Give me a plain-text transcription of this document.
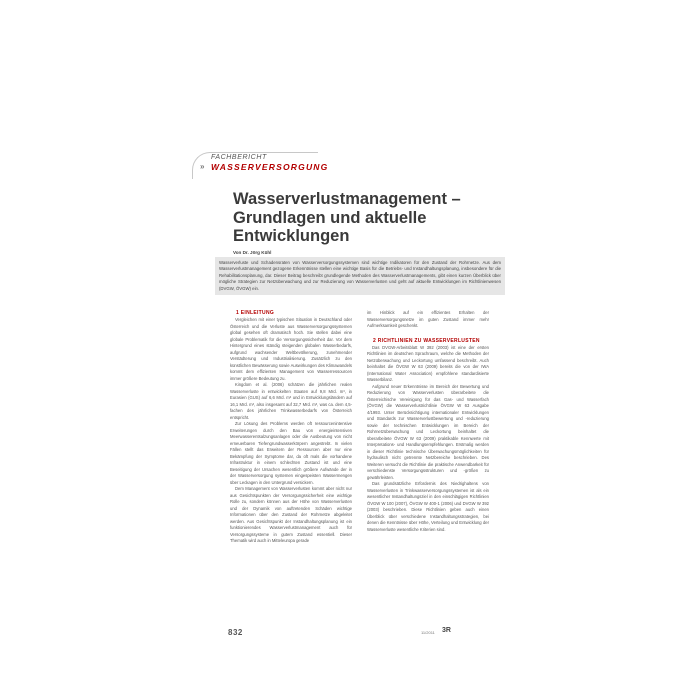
FACHBERICHT
» WASSERVERSORGUNG
Wasserverlustmanagement – Grundlagen und aktuelle Entwicklungen
Von Dr. Jörg Kühl
Wasserverluste und Schadensraten von Wasserversorgungssystemen sind wichtige Indikatoren für den Zustand der Rohrnetze. Aus dem Wasserverlustmanagement gezogene Erkenntnisse stellen eine wichtige Basis für die Betriebs- und Instandhaltungsplanung, insbesondere für die Rehabilitationsplanung, dar. Dieser Beitrag beschreibt grundlegende Methoden des Wasserverlustmanagements, gibt einen kurzen Überblick über mögliche Strategien zur Netzüberwachung und zur Reduzierung von Wasserverlusten und geht auf aktuelle Entwicklungen im Richtlinienwesen (DVGW, ÖVGW) ein.
1 EINLEITUNG

Vergleichen mit einer typischen Situation in Deutschland oder Österreich und die Verluste aus Wasserversorgungssystemen global gesehen oft dramatisch hoch. Sie stellen dabei eine globale Problematik für die Versorgungssicherheit dar. Vor dem Hintergrund eines ständig steigenden globalen Wasserbedarfs, aufgrund wachsender Weltbevölkerung, zunehmender Verstädterung und Industrialisierung. Zusätzlich zu den künstlichen Bewässerung sowie Auswirkungen des Klimawandels kommt dem effizienten Management von Wasserressourcen immer größere Bedeutung zu.

Kingdom et al. (2006) schätzen die jährlichen realen Wasserverluste in entwickelten Staaten auf 9,8 Mrd. m³, in Eurasien (GUS) auf 6,6 Mrd. m³ und in Entwicklungsländern auf 16,1 Mrd. m³, also insgesamt auf 32,7 Mrd. m³, was ca. dem 4,5-fachen des jährlichen Trinkwasserbedarfs von Österreich entspricht.

Zur Lösung des Problems werden oft ressourcenintensive Erweiterungen durch den Bau von energieintensiven Meerwasserentsalzungsanlagen oder die Ausbeutung von nicht erneuerbaren Tiefengrundwasserkörpern angestrebt. In vielen Fällen stellt das Erweitern der Ressourcen aber nur eine Bekämpfung der Symptome dar, da oft mals die vorhandene Infrastruktur in einem schlechten Zustand ist und eine Beseitigung der Ursachen wesentlich größere Aufwände der in der Wasserversorgung systemen eingespeisten Wassermengen über Leckagen in den Untergrund versickern.

Dem Management von Wasserverlusten kommt aber nicht nur aus Gesichtspunkten der Versorgungssicherheit eine wichtige Rolle zu, sondern können aus der Höhe von Wasserverlusten und der Dynamik von auftretenden Schäden wichtige Informationen über den Zustand der Rohrnetze abgeleitet werden. Aus Gesichtspunkt der Instandhaltungsplanung ist ein funktionierendes Wasserverlustmanagement auch für Versorgungssysteme in gutem Zustand essentiell. Dieser Thematik wird auch in Mitteleuropa gerade

im Hinblick auf ein effizientes Erhalten der Wasserversorgungsnetze im guten Zustand immer mehr Aufmerksamkeit geschenkt.

2 RICHTLINIEN ZU WASSERVERLUSTEN

Das DVGW-Arbeitsblatt W 392 (2003) ist eine der ersten Richtlinien im deutschen Sprachraum, welche die Methoden der Netzüberwachung und Leckortung umfassend beschreibt. Auch beinhaltet die ÖVGW W 63 (2009) bereits die von der IWA (International Water Association) empfohlene standardisierte Wasserbilanz.

Aufgrund neuer Erkenntnisse im Bereich der Bewertung und Reduzierung von Wasserverlusten überarbeitete die Österreichische Vereinigung für das Gas- und Wasserfach (ÖVGW) die Wasserverlustrichtlinie ÖVGW W 63 Ausgabe 4/1993. Unter Berücksichtigung internationaler Entwicklungen und Standards zur Wasserverlustbewertung und -reduzierung sowie der technischen Entwicklungen im Bereich der Rohrnetzüberwachung und Leckortung beinhaltet die überarbeitete ÖVGW W 63 (2009) praktikable Kennwerte mit Interpretations- und Handlungsempfehlungen. Erstmalig werden in dieser Richtlinie technische Überwachungsmöglichkeiten für hydraulisch nicht getrennte Netzbereiche beschrieben. Des Weiteren versucht die Richtlinie die praktische Anwendbarkeit für verschiedenste Versorgungsstrukturen und -größen zu gewährleisten.

Das grundsätzliche Erfordernis des Niedrighaltens von Wasserverlusten in Trinkwasserversorgungssystemen ist als ein wesentlicher Instandhaltungsziel in den einschlägigen Richtlinien ÖVGW W 100 (2007), ÖVGW W 400-1 (2006) und DVGW W 392 (2003) beschrieben. Diese Richtlinien geben auch einen Überblick über verschiedene Instandhaltungsstrategien, bei denen die Kenntnisse über Höhe, Verteilung und Entwicklung der Wasserverluste wesentliche Kriterien sind.

832	11/2011 3R
